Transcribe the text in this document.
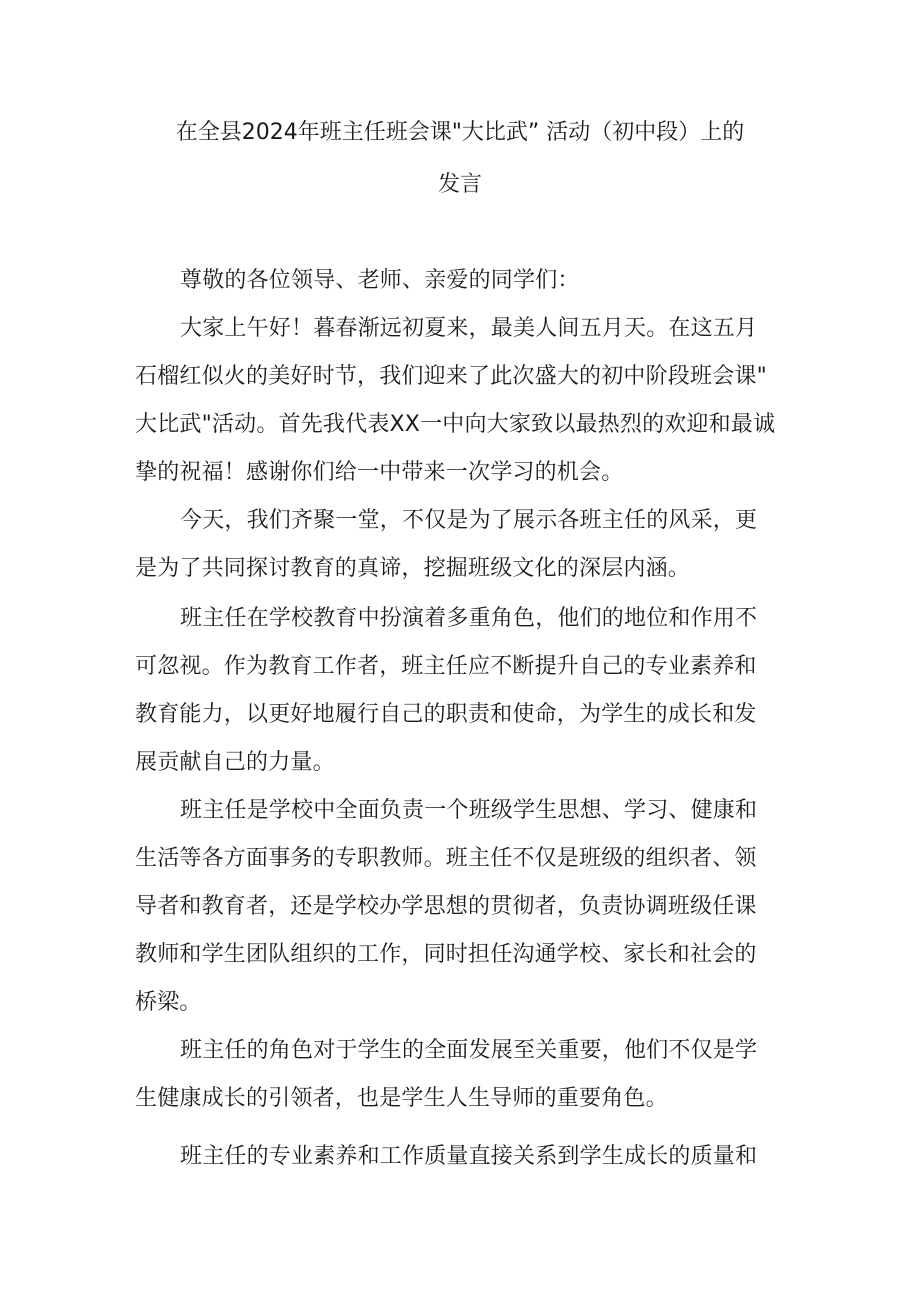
在全县2024年班主任班会课"大比武” 活动（初中段）上的
发言
尊敬的各位领导、老师、亲爱的同学们：
大家上午好！暮春渐远初夏来，最美人间五月天。在这五月
石榴红似火的美好时节，我们迎来了此次盛大的初中阶段班会课"
大比武"活动。首先我代表XX一中向大家致以最热烈的欢迎和最诚
挚的祝福！感谢你们给一中带来一次学习的机会。
今天，我们齐聚一堂，不仅是为了展示各班主任的风采，更
是为了共同探讨教育的真谛，挖掘班级文化的深层内涵。
班主任在学校教育中扮演着多重角色，他们的地位和作用不
可忽视。作为教育工作者，班主任应不断提升自己的专业素养和
教育能力，以更好地履行自己的职责和使命，为学生的成长和发
展贡献自己的力量。
班主任是学校中全面负责一个班级学生思想、学习、健康和
生活等各方面事务的专职教师。班主任不仅是班级的组织者、领
导者和教育者，还是学校办学思想的贯彻者，负责协调班级任课
教师和学生团队组织的工作，同时担任沟通学校、家长和社会的
桥梁。
班主任的角色对于学生的全面发展至关重要，他们不仅是学
生健康成长的引领者，也是学生人生导师的重要角色。
班主任的专业素养和工作质量直接关系到学生成长的质量和
